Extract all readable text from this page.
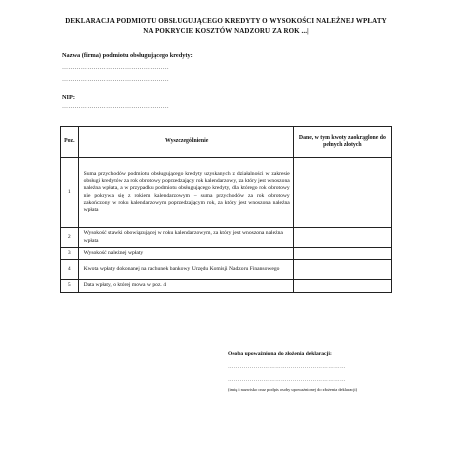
DEKLARACJA PODMIOTU OBSŁUGUJĄCEGO KREDYTY O WYSOKOŚCI NALEŻNEJ WPŁATY
NA POKRYCIE KOSZTÓW NADZORU ZA ROK ...|
Nazwa (firma) podmiotu obsługującego kredyty:
……………………………………………
……………………………………………
NIP:
……………………………………………
Poz.	Wyszczególnienie	Dane, w tym kwoty zaokrąglone do pełnych złotych
1	Suma przychodów podmiotu obsługującego kredyty uzyskanych z działalności w zakresie obsługi kredytów za rok obrotowy poprzedzający rok kalendarzowy, za który jest wnoszona należna wpłata, a w przypadku podmiotu obsługującego kredyty, dla którego rok obrotowy nie pokrywa się z rokiem kalendarzowym – suma przychodów za rok obrotowy zakończony w roku kalendarzowym poprzedzającym rok, za który jest wnoszona należna wpłata	
2	Wysokość stawki obowiązującej w roku kalendarzowym, za który jest wnoszona należna wpłata	
3	Wysokość należnej wpłaty	
4	Kwota wpłaty dokonanej na rachunek bankowy Urzędu Komisji Nadzoru Finansowego	
5	Data wpłaty, o której mowa w poz. 4	
Osoba upoważniona do złożenia deklaracji:
……………………………………………………
……………………………………………………
(imię i nazwisko oraz podpis osoby upoważnionej do złożenia deklaracji)
